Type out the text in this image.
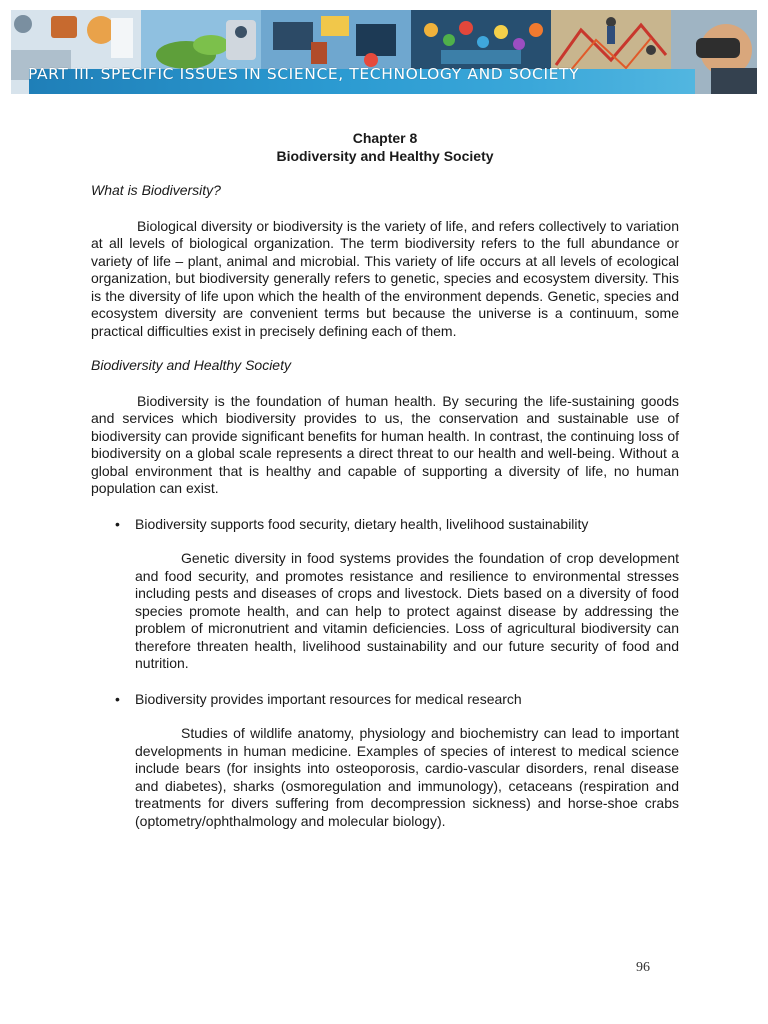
PART III. SPECIFIC ISSUES IN SCIENCE, TECHNOLOGY AND SOCIETY

Chapter 8

Biodiversity and Healthy Society

What is Biodiversity?

Biological diversity or biodiversity is the variety of life, and refers collectively to variation at all levels of biological organization. The term biodiversity refers to the full abundance or variety of life – plant, animal and microbial. This variety of life occurs at all levels of ecological organization, but biodiversity generally refers to genetic, species and ecosystem diversity. This is the diversity of life upon which the health of the environment depends. Genetic, species and ecosystem diversity are convenient terms but because the universe is a continuum, some practical difficulties exist in precisely defining each of them.

Biodiversity and Healthy Society

Biodiversity is the foundation of human health. By securing the life-sustaining goods and services which biodiversity provides to us, the conservation and sustainable use of biodiversity can provide significant benefits for human health. In contrast, the continuing loss of biodiversity on a global scale represents a direct threat to our health and well-being. Without a global environment that is healthy and capable of supporting a diversity of life, no human population can exist.

• Biodiversity supports food security, dietary health, livelihood sustainability

Genetic diversity in food systems provides the foundation of crop development and food security, and promotes resistance and resilience to environmental stresses including pests and diseases of crops and livestock. Diets based on a diversity of food species promote health, and can help to protect against disease by addressing the problem of micronutrient and vitamin deficiencies. Loss of agricultural biodiversity can therefore threaten health, livelihood sustainability and our future security of food and nutrition.

• Biodiversity provides important resources for medical research

Studies of wildlife anatomy, physiology and biochemistry can lead to important developments in human medicine. Examples of species of interest to medical science include bears (for insights into osteoporosis, cardio-vascular disorders, renal disease and diabetes), sharks (osmoregulation and immunology), cetaceans (respiration and treatments for divers suffering from decompression sickness) and horse-shoe crabs (optometry/ophthalmology and molecular biology).

96
